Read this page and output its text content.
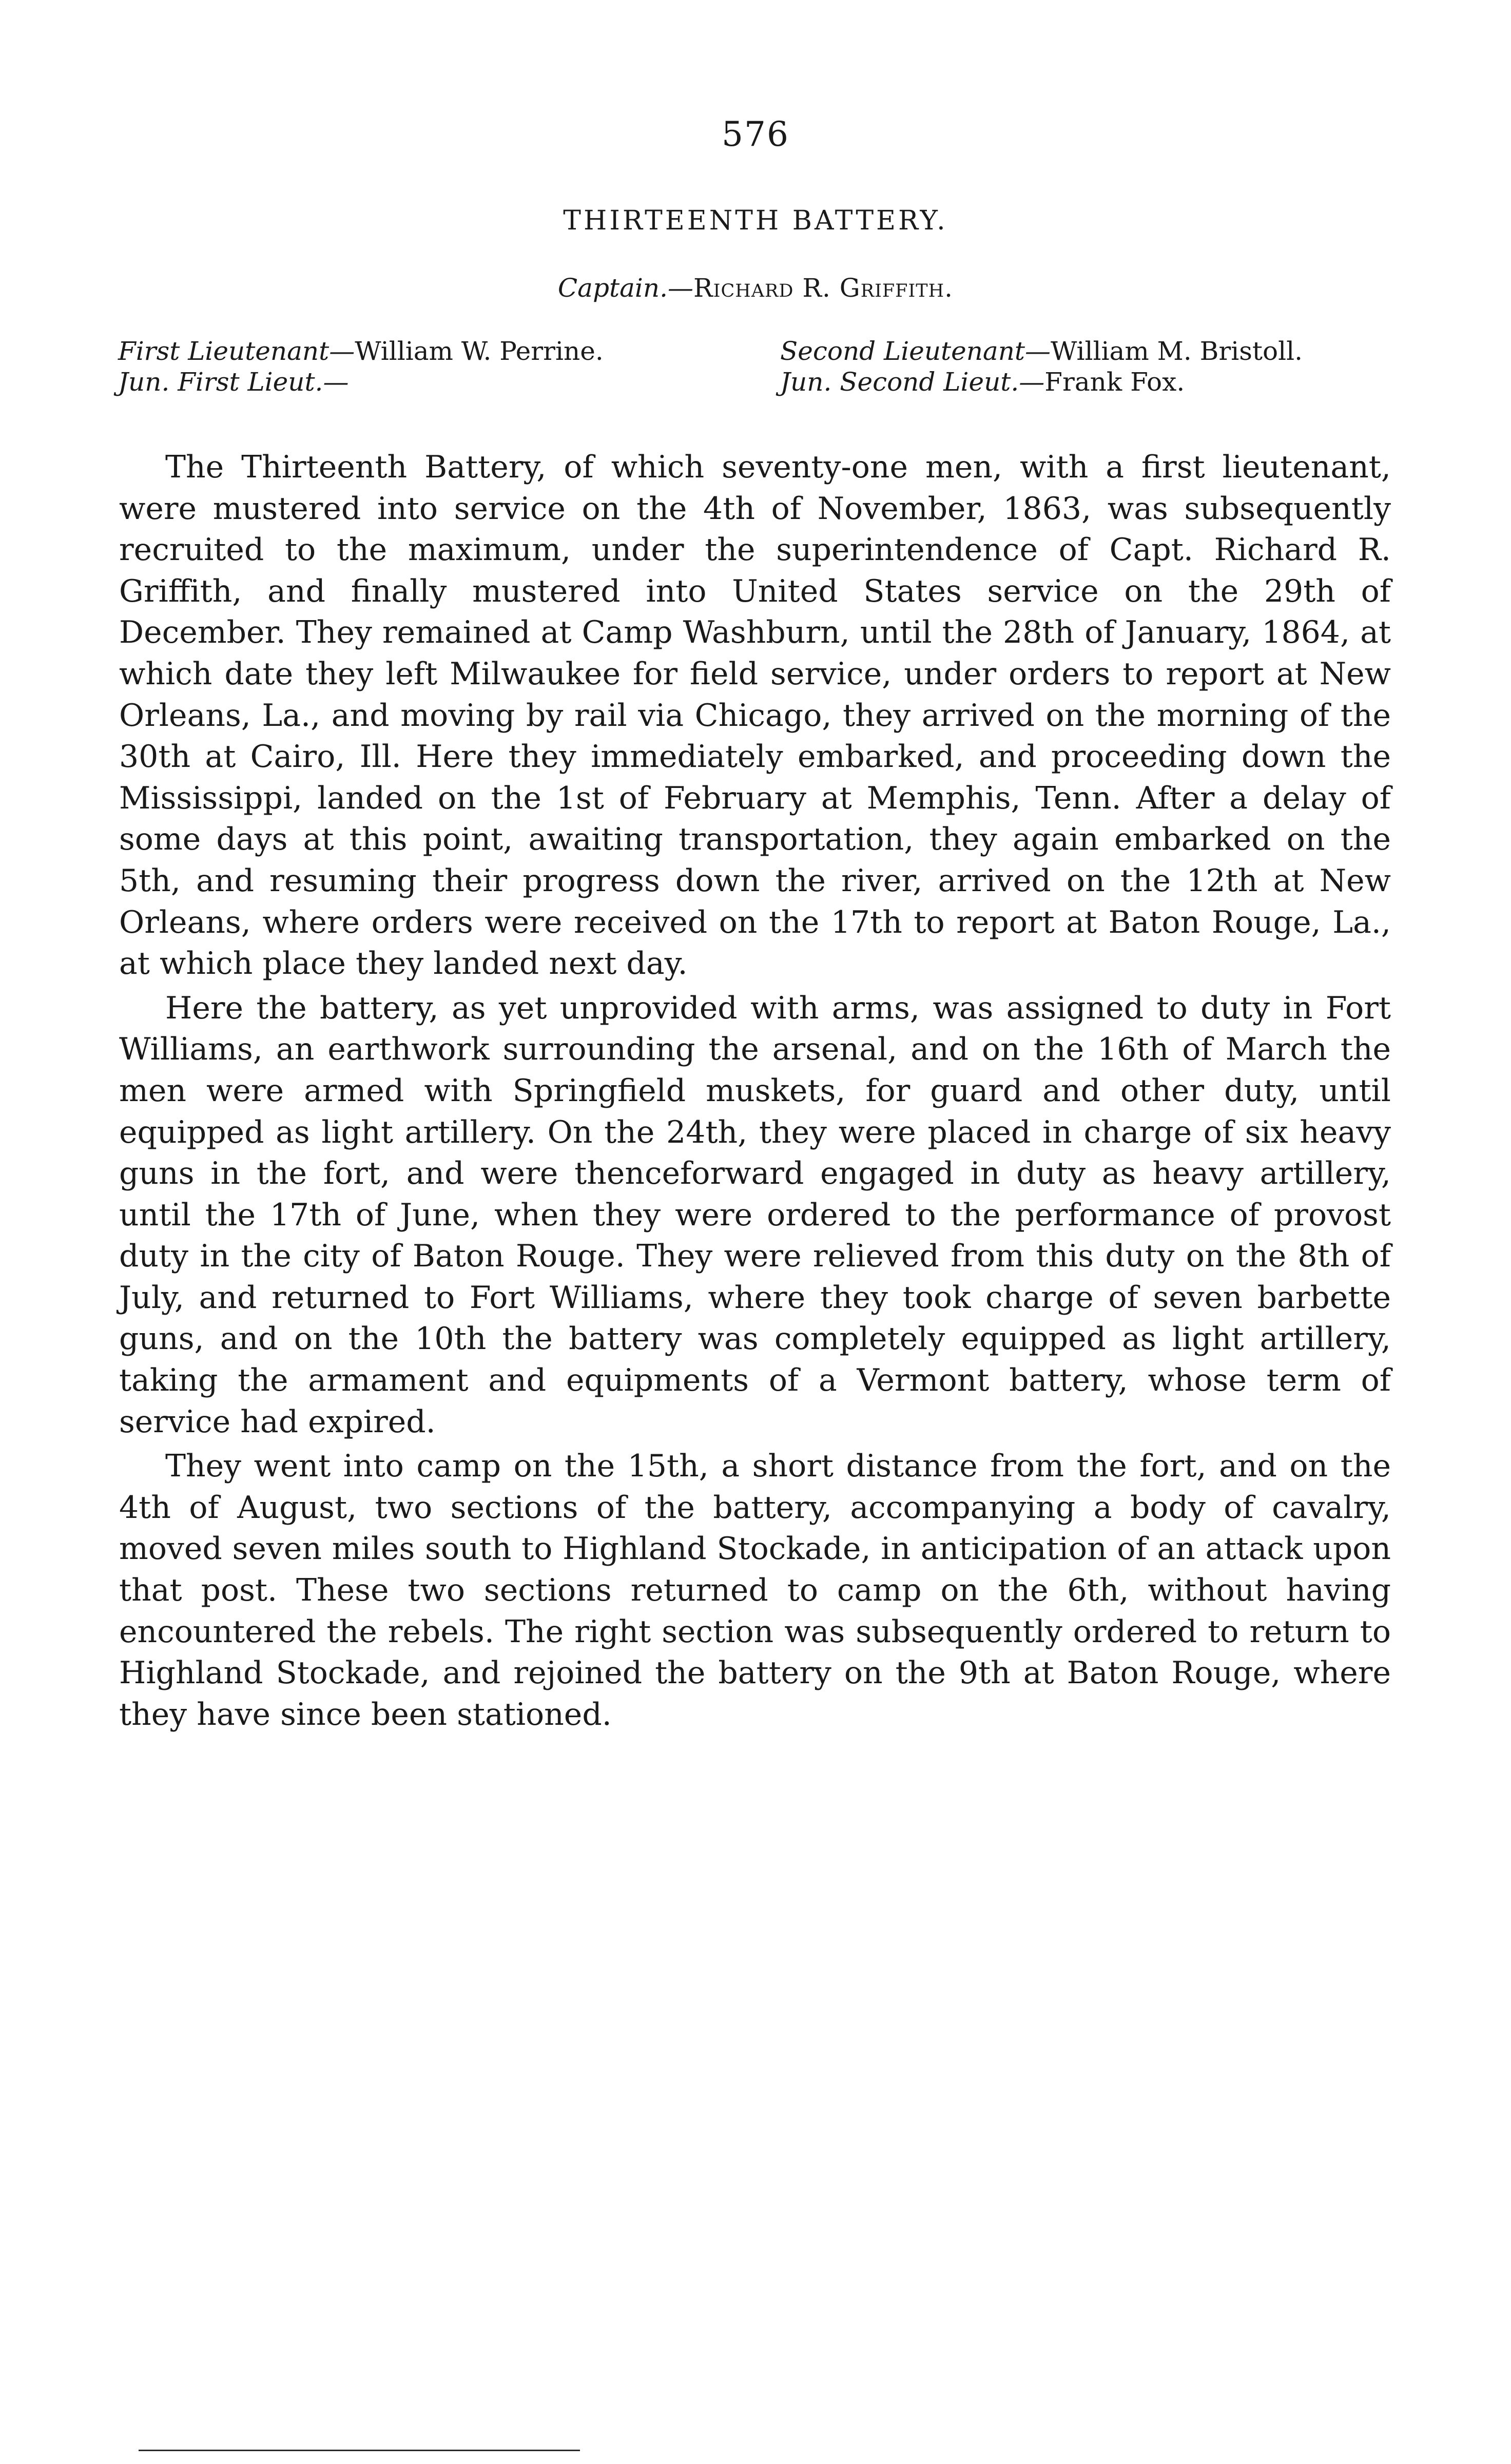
576
THIRTEENTH BATTERY.
Captain.—Richard R. Griffith.
First Lieutenant—William W. Perrine.	Second Lieutenant—William M. Bristoll.
Jun. First Lieut.—	Jun. Second Lieut.—Frank Fox.

The Thirteenth Battery, of which seventy-one men, with a first lieutenant, were mustered into service on the 4th of November, 1863, was subsequently recruited to the maximum, under the superintendence of Capt. Richard R. Griffith, and finally mustered into United States service on the 29th of December. They remained at Camp Washburn, until the 28th of January, 1864, at which date they left Milwaukee for field service, under orders to report at New Orleans, La., and moving by rail via Chicago, they arrived on the morning of the 30th at Cairo, Ill. Here they immediately embarked, and proceeding down the Mississippi, landed on the 1st of February at Memphis, Tenn. After a delay of some days at this point, awaiting transportation, they again embarked on the 5th, and resuming their progress down the river, arrived on the 12th at New Orleans, where orders were received on the 17th to report at Baton Rouge, La., at which place they landed next day.

Here the battery, as yet unprovided with arms, was assigned to duty in Fort Williams, an earthwork surrounding the arsenal, and on the 16th of March the men were armed with Springfield muskets, for guard and other duty, until equipped as light artillery. On the 24th, they were placed in charge of six heavy guns in the fort, and were thenceforward engaged in duty as heavy artillery, until the 17th of June, when they were ordered to the performance of provost duty in the city of Baton Rouge. They were relieved from this duty on the 8th of July, and returned to Fort Williams, where they took charge of seven barbette guns, and on the 10th the battery was completely equipped as light artillery, taking the armament and equipments of a Vermont battery, whose term of service had expired.

They went into camp on the 15th, a short distance from the fort, and on the 4th of August, two sections of the battery, accompanying a body of cavalry, moved seven miles south to Highland Stockade, in anticipation of an attack upon that post. These two sections returned to camp on the 6th, without having encountered the rebels. The right section was subsequently ordered to return to Highland Stockade, and rejoined the battery on the 9th at Baton Rouge, where they have since been stationed.
